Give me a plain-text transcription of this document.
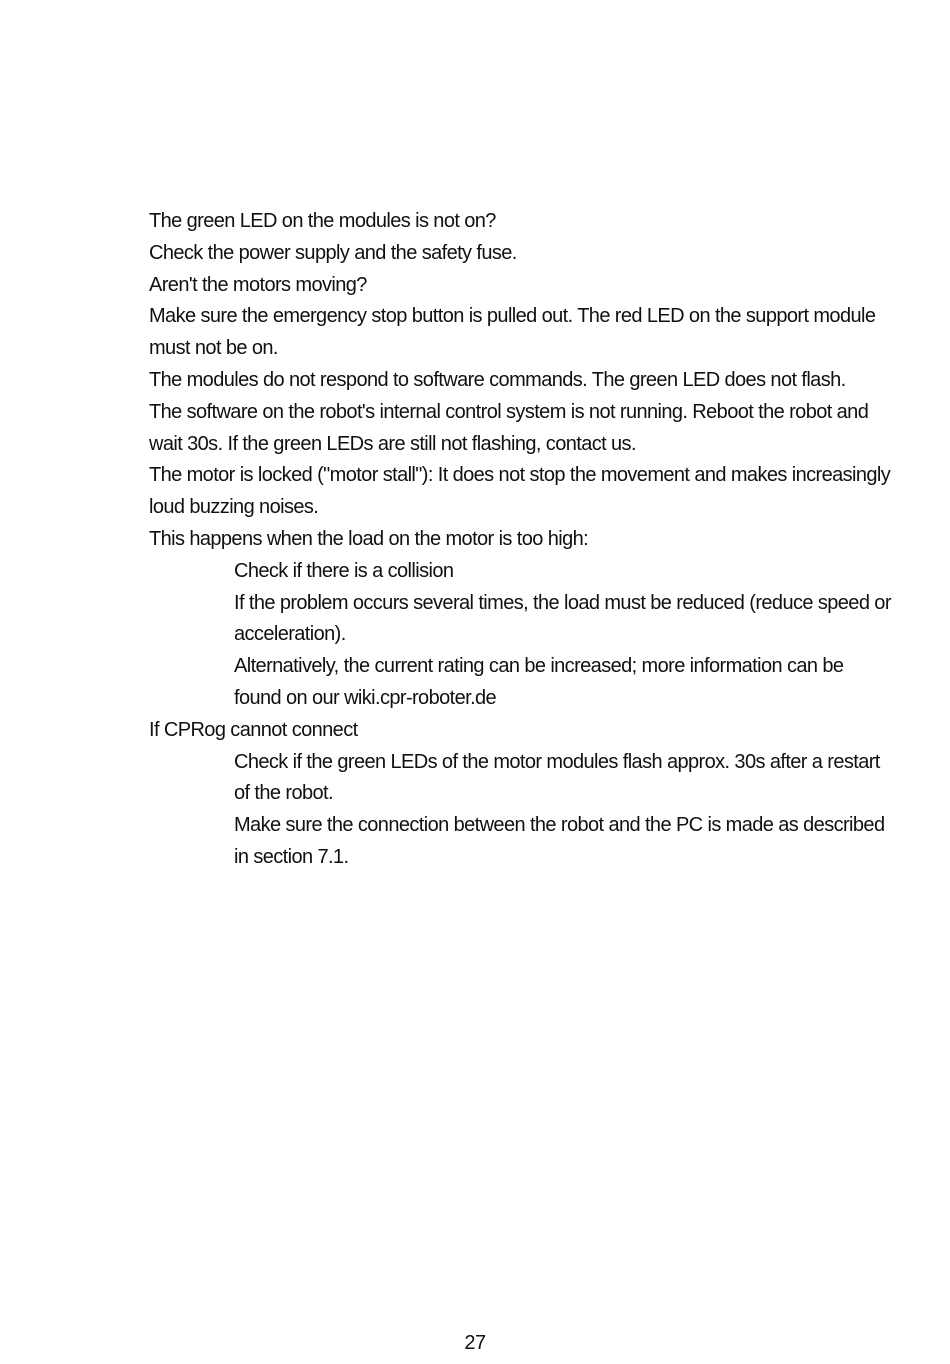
The green LED on the modules is not on?
Check the power supply and the safety fuse.
Aren't the motors moving?
Make sure the emergency stop button is pulled out. The red LED on the support module must not be on.
The modules do not respond to software commands. The green LED does not flash.
The software on the robot's internal control system is not running. Reboot the robot and wait 30s. If the green LEDs are still not flashing, contact us.
The motor is locked ("motor stall"): It does not stop the movement and makes increasingly loud buzzing noises.
This happens when the load on the motor is too high:
Check if there is a collision
If the problem occurs several times, the load must be reduced (reduce speed or acceleration).
Alternatively, the current rating can be increased; more information can be found on our wiki.cpr-roboter.de
If CPRog cannot connect
Check if the green LEDs of the motor modules flash approx. 30s after a restart of the robot.
Make sure the connection between the robot and the PC is made as described in section 7.1.
27
